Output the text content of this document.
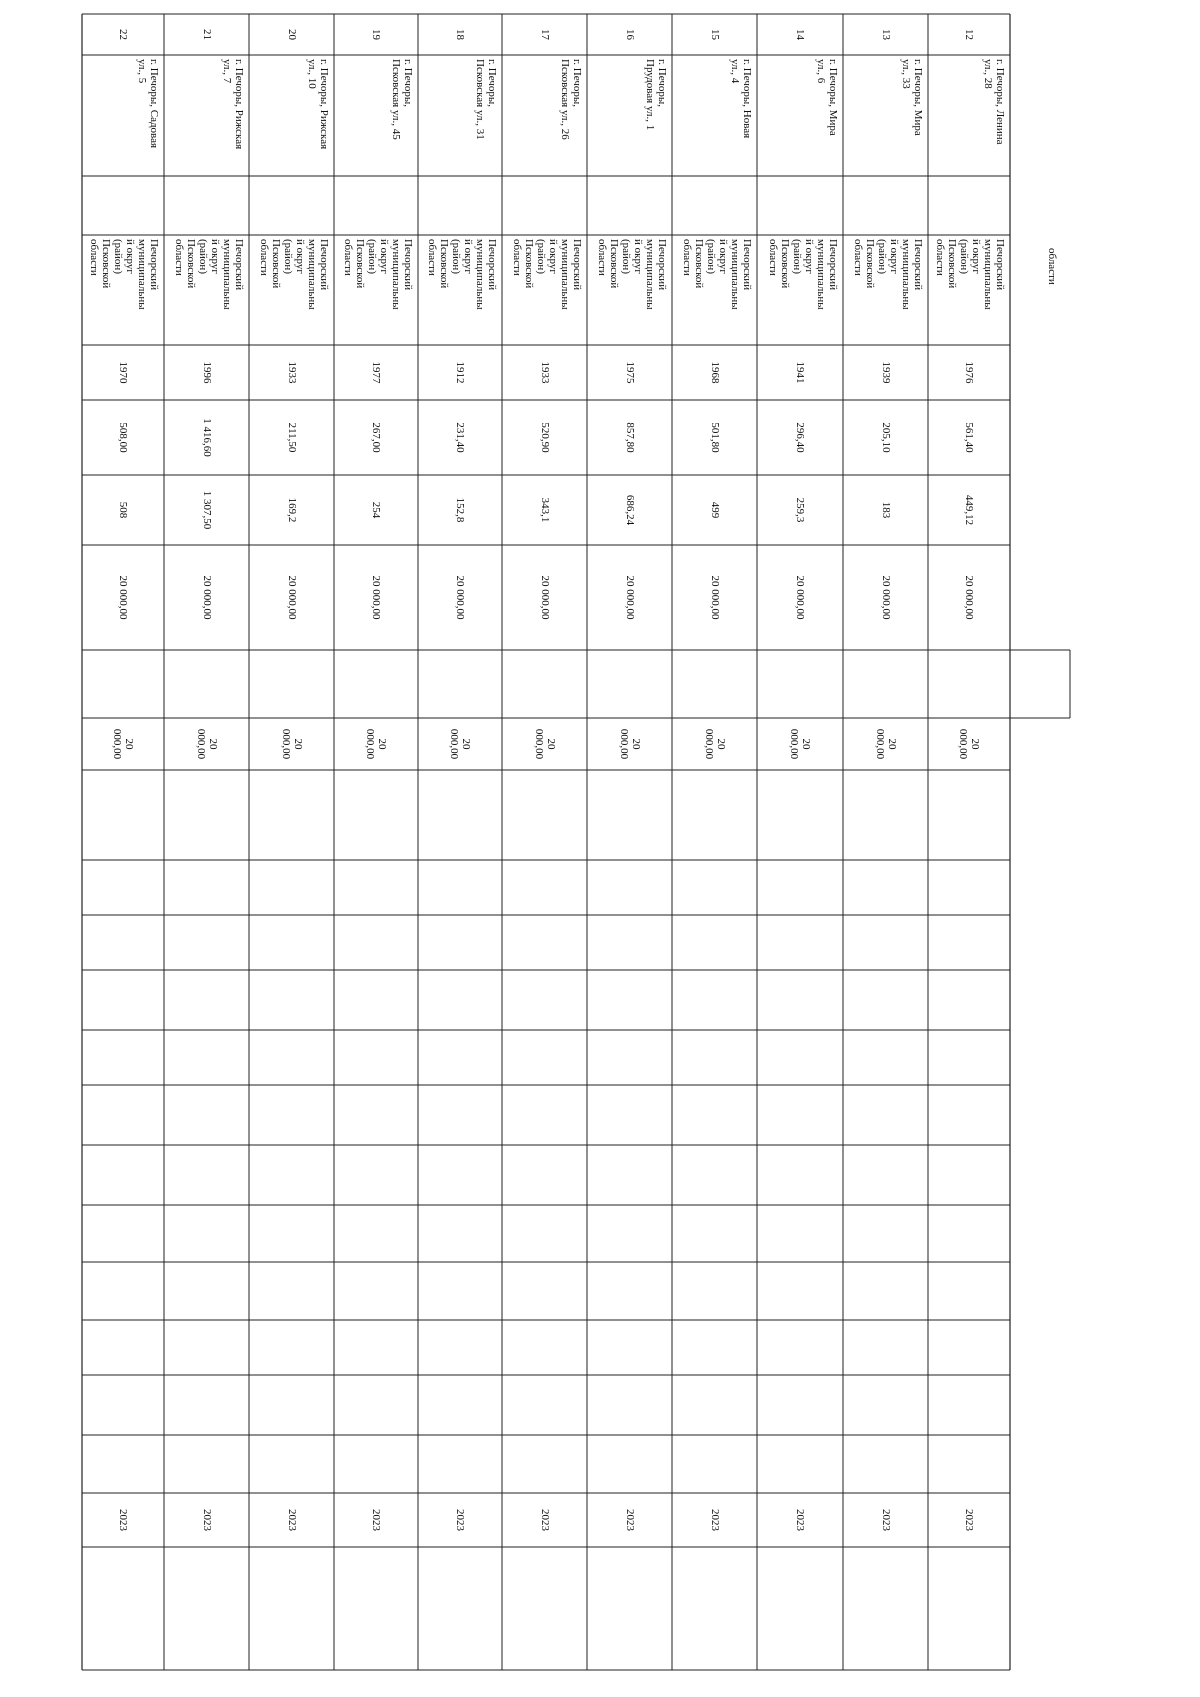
12
г. Печоры, Ленина
ул., 28
Печорский
муниципальны
й округ
(район)
Псковской
области
1976
561,40
449,12
20 000,00
20
000,00
2023
13
г. Печоры, Мира
ул., 33
Печорский
муниципальны
й округ
(район)
Псковской
области
1939
205,10
183
20 000,00
20
000,00
2023
14
г. Печоры, Мира
ул., 6
Печорский
муниципальны
й округ
(район)
Псковской
области
1941
296,40
259,3
20 000,00
20
000,00
2023
15
г. Печоры, Новая
ул., 4
Печорский
муниципальны
й округ
(район)
Псковской
области
1968
501,80
499
20 000,00
20
000,00
2023
16
г. Печоры,
Прудовая ул., 1
Печорский
муниципальны
й округ
(район)
Псковской
области
1975
857,80
686,24
20 000,00
20
000,00
2023
17
г. Печоры,
Псковская ул., 26
Печорский
муниципальны
й округ
(район)
Псковской
области
1933
520,90
343,1
20 000,00
20
000,00
2023
18
г. Печоры,
Псковская ул., 31
Печорский
муниципальны
й округ
(район)
Псковской
области
1912
231,40
152,8
20 000,00
20
000,00
2023
19
г. Печоры,
Псковская ул., 45
Печорский
муниципальны
й округ
(район)
Псковской
области
1977
267,00
254
20 000,00
20
000,00
2023
20
г. Печоры, Рижская
ул., 10
Печорский
муниципальны
й округ
(район)
Псковской
области
1933
211,50
169,2
20 000,00
20
000,00
2023
21
г. Печоры, Рижская
ул., 7
Печорский
муниципальны
й округ
(район)
Псковской
области
1996
1 416,60
1 307,50
20 000,00
20
000,00
2023
22
г. Печоры, Садовая
ул., 5
Печорский
муниципальны
й округ
(район)
Псковской
области
1970
508,00
508
20 000,00
20
000,00
2023
области
